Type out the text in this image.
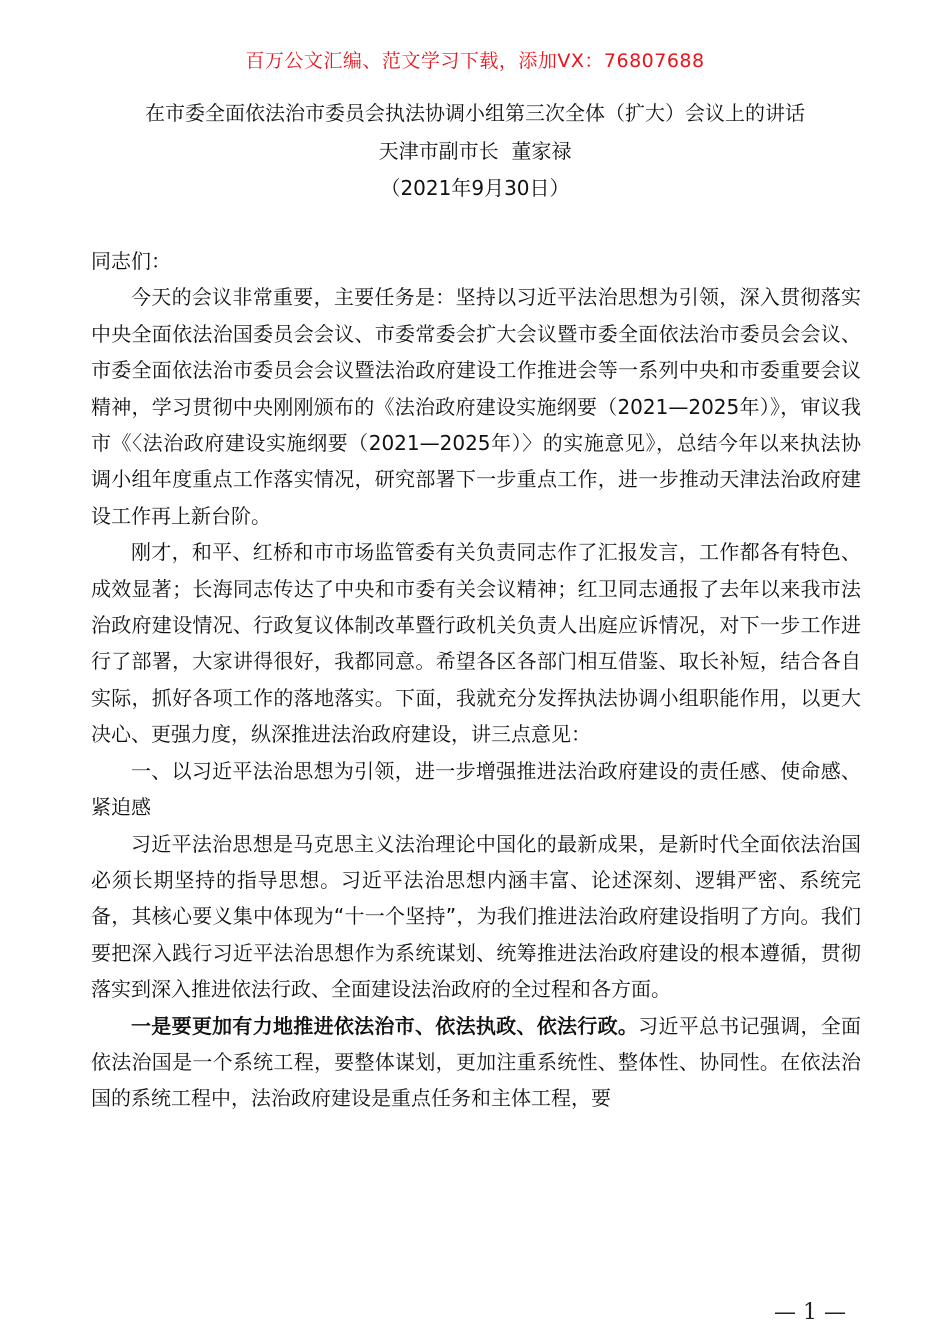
百万公文汇编、范文学习下载，添加VX：76807688
在市委全面依法治市委员会执法协调小组第三次全体（扩大）会议上的讲话
天津市副市长  董家禄
（2021年9月30日）

同志们：

今天的会议非常重要，主要任务是：坚持以习近平法治思想为引领，深入贯彻落实中央全面依法治国委员会会议、市委常委会扩大会议暨市委全面依法治市委员会会议、市委全面依法治市委员会会议暨法治政府建设工作推进会等一系列中央和市委重要会议精神，学习贯彻中央刚刚颁布的《法治政府建设实施纲要（2021—2025年）》，审议我市《〈法治政府建设实施纲要（2021—2025年）〉的实施意见》，总结今年以来执法协调小组年度重点工作落实情况，研究部署下一步重点工作，进一步推动天津法治政府建设工作再上新台阶。

刚才，和平、红桥和市市场监管委有关负责同志作了汇报发言，工作都各有特色、成效显著；长海同志传达了中央和市委有关会议精神；红卫同志通报了去年以来我市法治政府建设情况、行政复议体制改革暨行政机关负责人出庭应诉情况，对下一步工作进行了部署，大家讲得很好，我都同意。希望各区各部门相互借鉴、取长补短，结合各自实际，抓好各项工作的落地落实。下面，我就充分发挥执法协调小组职能作用，以更大决心、更强力度，纵深推进法治政府建设，讲三点意见：

一、以习近平法治思想为引领，进一步增强推进法治政府建设的责任感、使命感、紧迫感

习近平法治思想是马克思主义法治理论中国化的最新成果，是新时代全面依法治国必须长期坚持的指导思想。习近平法治思想内涵丰富、论述深刻、逻辑严密、系统完备，其核心要义集中体现为“十一个坚持”，为我们推进法治政府建设指明了方向。我们要把深入践行习近平法治思想作为系统谋划、统筹推进法治政府建设的根本遵循，贯彻落实到深入推进依法行政、全面建设法治政府的全过程和各方面。

一是要更加有力地推进依法治市、依法执政、依法行政。习近平总书记强调，全面依法治国是一个系统工程，要整体谋划，更加注重系统性、整体性、协同性。在依法治国的系统工程中，法治政府建设是重点任务和主体工程，要

— 1 —
